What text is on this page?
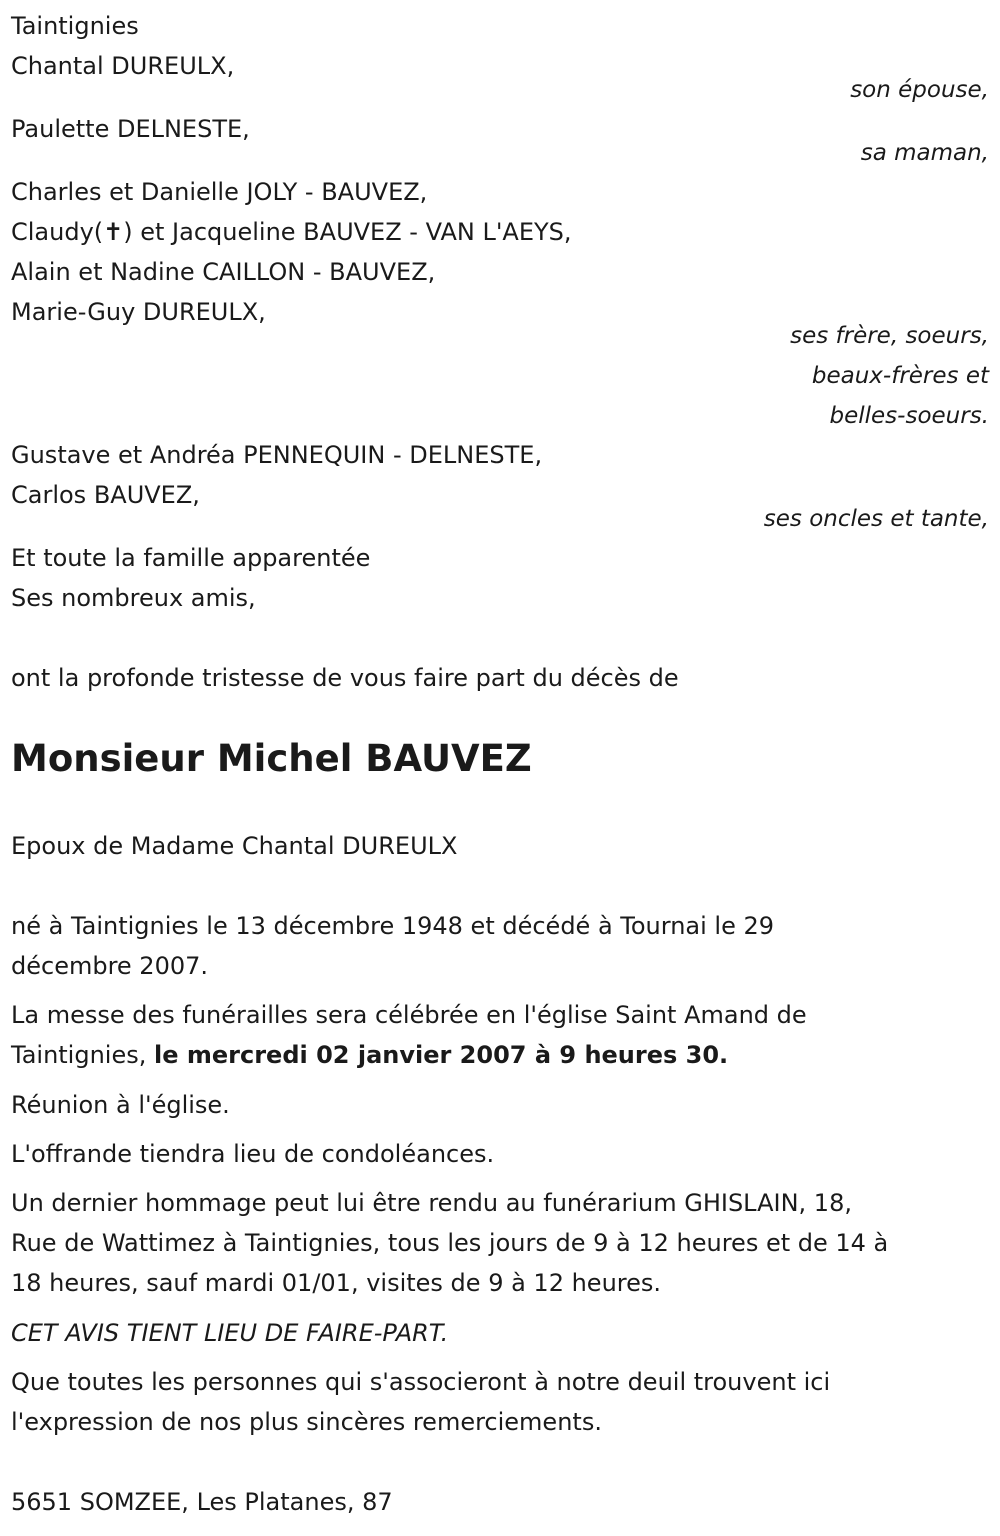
Taintignies
Chantal DUREULX,
son épouse,
Paulette DELNESTE,
sa maman,
Charles et Danielle JOLY - BAUVEZ,
Claudy(✝) et Jacqueline BAUVEZ - VAN L'AEYS,
Alain et Nadine CAILLON - BAUVEZ,
Marie-Guy DUREULX,
ses frère, soeurs,
beaux-frères et
belles-soeurs.
Gustave et Andréa PENNEQUIN - DELNESTE,
Carlos BAUVEZ,
ses oncles et tante,
Et toute la famille apparentée
Ses nombreux amis,
ont la profonde tristesse de vous faire part du décès de
Monsieur Michel BAUVEZ
Epoux de Madame Chantal DUREULX
né à Taintignies le 13 décembre 1948 et décédé à Tournai le 29
décembre 2007.
La messe des funérailles sera célébrée en l'église Saint Amand de
Taintignies, le mercredi 02 janvier 2007 à 9 heures 30.
Réunion à l'église.
L'offrande tiendra lieu de condoléances.
Un dernier hommage peut lui être rendu au funérarium GHISLAIN, 18,
Rue de Wattimez à Taintignies, tous les jours de 9 à 12 heures et de 14 à
18 heures, sauf mardi 01/01, visites de 9 à 12 heures.
CET AVIS TIENT LIEU DE FAIRE-PART.
Que toutes les personnes qui s'associeront à notre deuil trouvent ici
l'expression de nos plus sincères remerciements.
5651 SOMZEE, Les Platanes, 87
